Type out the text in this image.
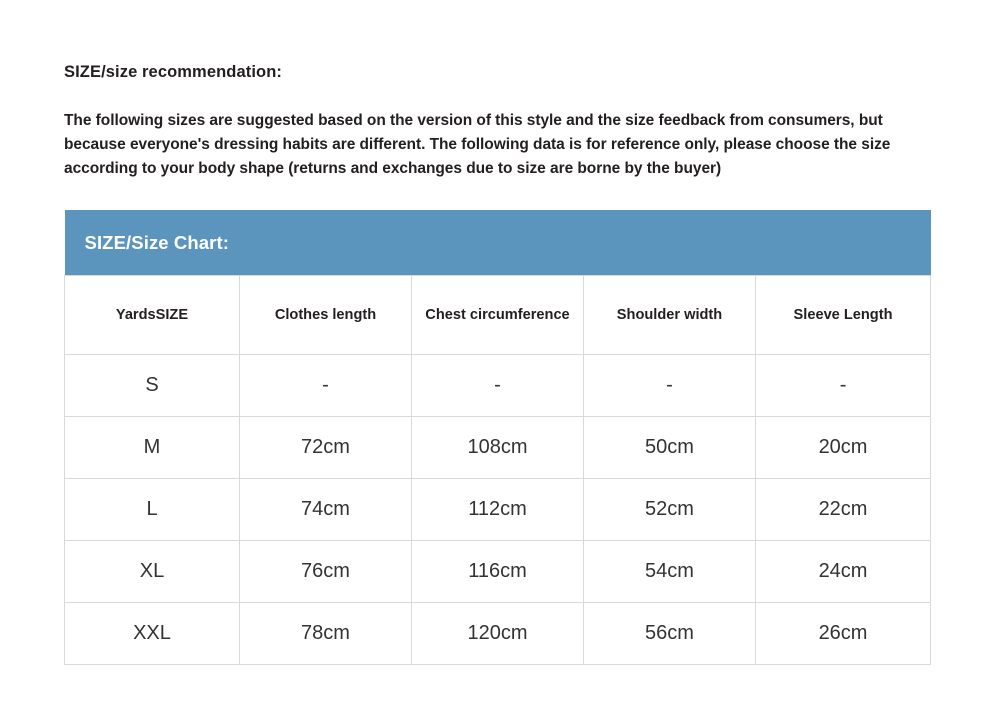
SIZE/size recommendation:

The following sizes are suggested based on the version of this style and the size feedback from consumers, but because everyone's dressing habits are different. The following data is for reference only, please choose the size according to your body shape (returns and exchanges due to size are borne by the buyer)

SIZE/Size Chart:				
YardsSIZE	Clothes length	Chest circumference	Shoulder width	Sleeve Length
S	-	-	-	-
M	72cm	108cm	50cm	20cm
L	74cm	112cm	52cm	22cm
XL	76cm	116cm	54cm	24cm
XXL	78cm	120cm	56cm	26cm
